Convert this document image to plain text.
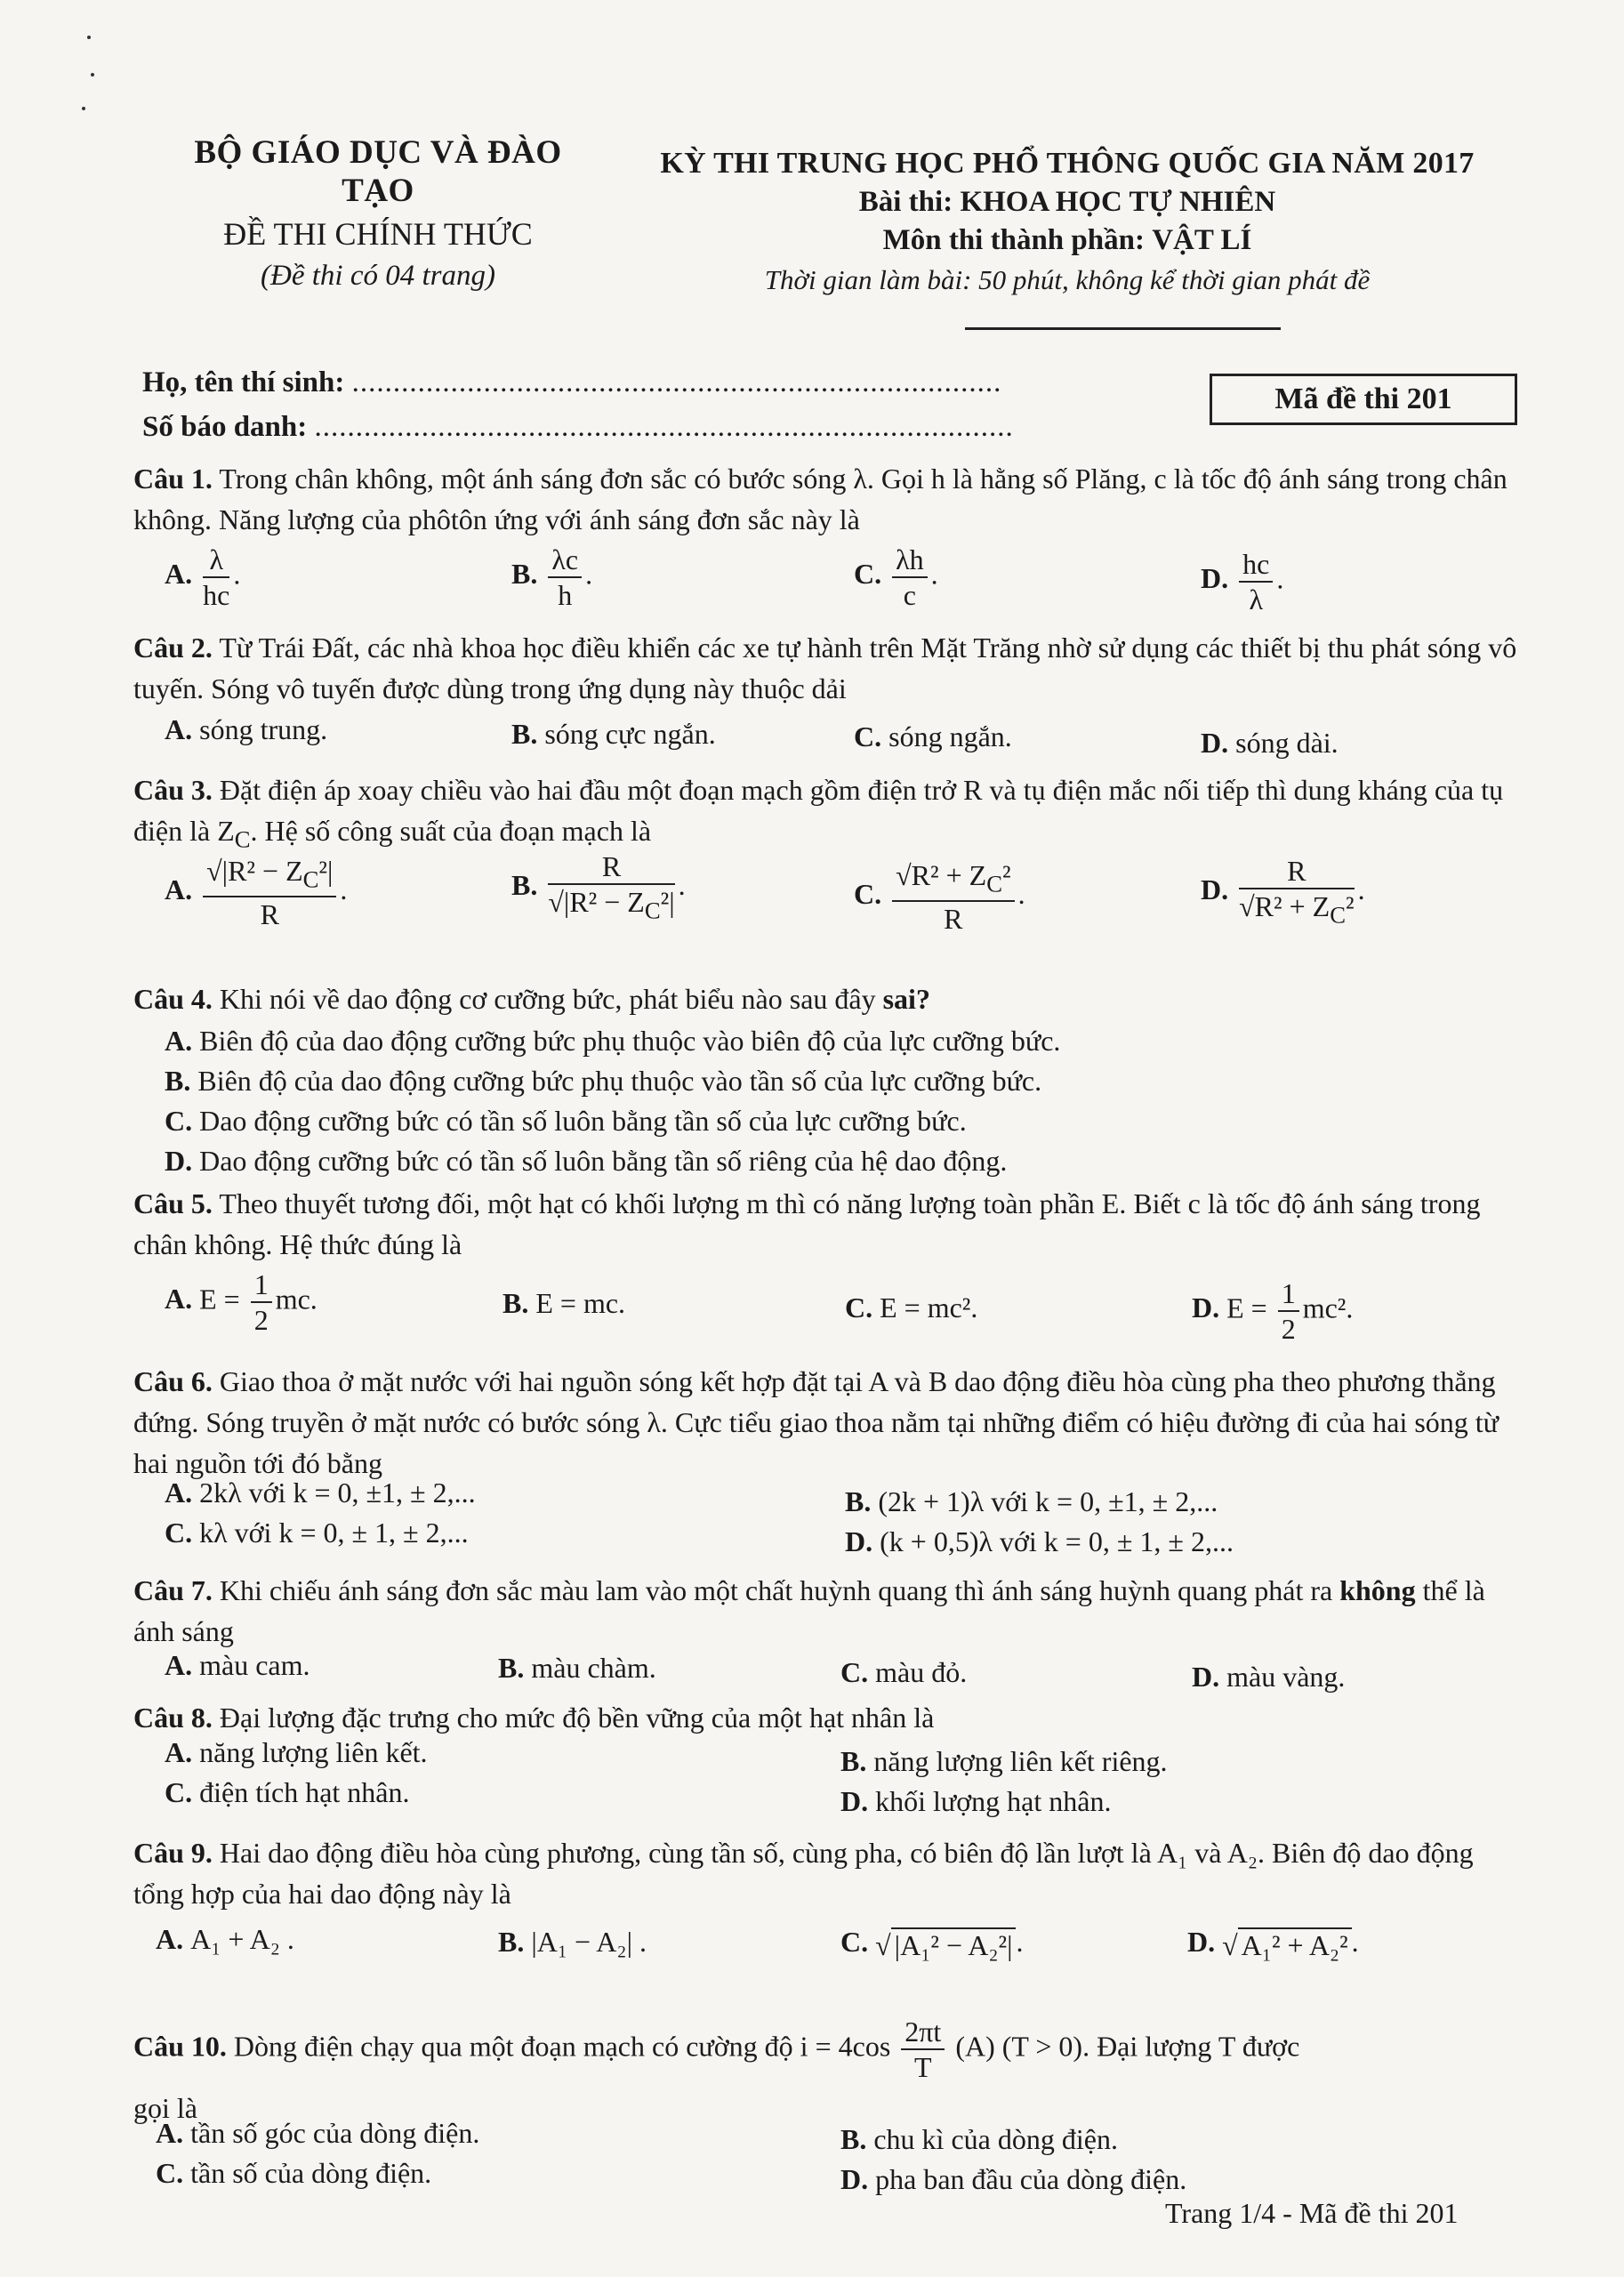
BỘ GIÁO DỤC VÀ ĐÀO TẠO
ĐỀ THI CHÍNH THỨC
(Đề thi có 04 trang)
KỲ THI TRUNG HỌC PHỔ THÔNG QUỐC GIA NĂM 2017
Bài thi: KHOA HỌC TỰ NHIÊN
Môn thi thành phần: VẬT LÍ
Thời gian làm bài: 50 phút, không kể thời gian phát đề
Họ, tên thí sinh: ...............................................................................
Số báo danh: .....................................................................................
Mã đề thi 201
Câu 1. Trong chân không, một ánh sáng đơn sắc có bước sóng λ. Gọi h là hằng số Plăng, c là tốc độ ánh sáng trong chân không. Năng lượng của phôtôn ứng với ánh sáng đơn sắc này là
A. $\frac{\lambda}{hc}$ .	B. $\frac{\lambda c}{h}$ .	C. $\frac{\lambda h}{c}$ .	D. $\frac{hc}{\lambda}$ .
Câu 2. Từ Trái Đất, các nhà khoa học điều khiển các xe tự hành trên Mặt Trăng nhờ sử dụng các thiết bị thu phát sóng vô tuyến. Sóng vô tuyến được dùng trong ứng dụng này thuộc dải
A. sóng trung.	B. sóng cực ngắn.	C. sóng ngắn.	D. sóng dài.
Câu 3. Đặt điện áp xoay chiều vào hai đầu một đoạn mạch gồm điện trở R và tụ điện mắc nối tiếp thì dung kháng của tụ điện là $Z_C$. Hệ số công suất của đoạn mạch là
A. $\frac{√|R^2 - Z_C^2|}{R}$ .	B. $\frac{R}{√|R^2 - Z_C^2|}$ .	C. $\frac{√R^2 + Z_C^2}{R}$ .	D. $\frac{R}{√R^2 + Z_C^2}$ .
Câu 4. Khi nói về dao động cơ cưỡng bức, phát biểu nào sau đây sai?
A. Biên độ của dao động cưỡng bức phụ thuộc vào biên độ của lực cưỡng bức.
B. Biên độ của dao động cưỡng bức phụ thuộc vào tần số của lực cưỡng bức.
C. Dao động cưỡng bức có tần số luôn bằng tần số của lực cưỡng bức.
D. Dao động cưỡng bức có tần số luôn bằng tần số riêng của hệ dao động.
Câu 5. Theo thuyết tương đối, một hạt có khối lượng m thì có năng lượng toàn phần E. Biết c là tốc độ ánh sáng trong chân không. Hệ thức đúng là
A. $E = \frac{1}{2}$ mc.	B. E = mc.	C. E = mc².	D. $E = \frac{1}{2} mc^2$.
Câu 6. Giao thoa ở mặt nước với hai nguồn sóng kết hợp đặt tại A và B dao động điều hòa cùng pha theo phương thẳng đứng. Sóng truyền ở mặt nước có bước sóng λ. Cực tiểu giao thoa nằm tại những điểm có hiệu đường đi của hai sóng từ hai nguồn tới đó bằng
A. 2kλ với k = 0, ±1, ± 2,...	B. (2k + 1)λ với k = 0, ±1, ± 2,...
C. kλ với k = 0, ± 1, ± 2,...	D. (k + 0,5)λ với k = 0, ± 1, ± 2,...
Câu 7. Khi chiếu ánh sáng đơn sắc màu lam vào một chất huỳnh quang thì ánh sáng huỳnh quang phát ra không thể là ánh sáng
A. màu cam.	B. màu chàm.	C. màu đỏ.	D. màu vàng.
Câu 8. Đại lượng đặc trưng cho mức độ bền vững của một hạt nhân là
A. năng lượng liên kết.	B. năng lượng liên kết riêng.
C. điện tích hạt nhân.	D. khối lượng hạt nhân.
Câu 9. Hai dao động điều hòa cùng phương, cùng tần số, cùng pha, có biên độ lần lượt là A₁ và A₂. Biên độ dao động tổng hợp của hai dao động này là
A. A₁ + A₂ .	B. |A₁ − A₂| .	C. √ |A₁² − A₂²| .	D. √ A₁² + A₂² .
Câu 10. Dòng điện chạy qua một đoạn mạch có cường độ $i = 4\cos \frac{2\pi t}{T} (A) (T > 0)$. Đại lượng T được
gọi là
A. tần số góc của dòng điện.	B. chu kì của dòng điện.
C. tần số của dòng điện.	D. pha ban đầu của dòng điện.
Trang 1/4 - Mã đề thi 201
